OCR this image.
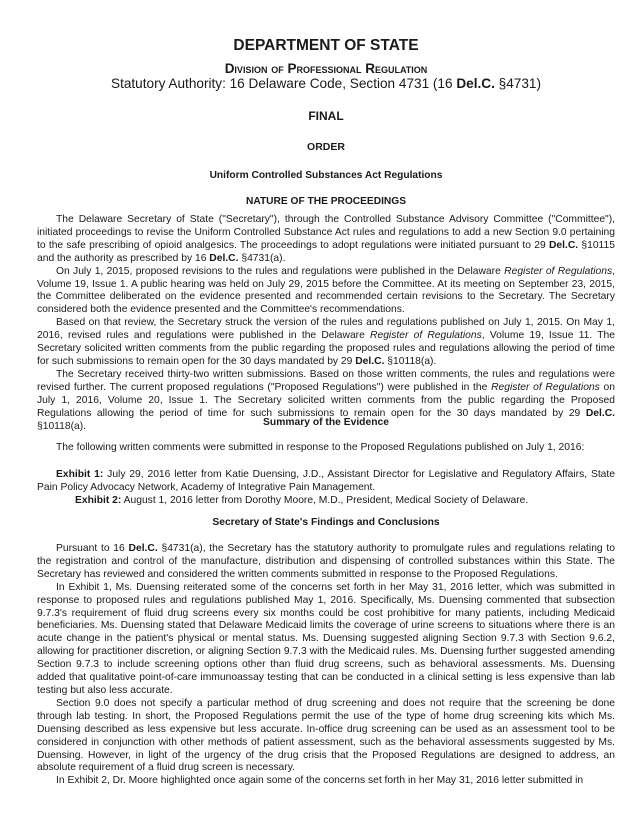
DEPARTMENT OF STATE
Division of Professional Regulation
Statutory Authority: 16 Delaware Code, Section 4731 (16 Del.C. §4731)
FINAL
ORDER
Uniform Controlled Substances Act Regulations
NATURE OF THE PROCEEDINGS

The Delaware Secretary of State ("Secretary"), through the Controlled Substance Advisory Committee ("Committee"), initiated proceedings to revise the Uniform Controlled Substance Act rules and regulations to add a new Section 9.0 pertaining to the safe prescribing of opioid analgesics. The proceedings to adopt regulations were initiated pursuant to 29 Del.C. §10115 and the authority as prescribed by 16 Del.C. §4731(a).

On July 1, 2015, proposed revisions to the rules and regulations were published in the Delaware Register of Regulations, Volume 19, Issue 1. A public hearing was held on July 29, 2015 before the Committee. At its meeting on September 23, 2015, the Committee deliberated on the evidence presented and recommended certain revisions to the Secretary. The Secretary considered both the evidence presented and the Committee's recommendations.

Based on that review, the Secretary struck the version of the rules and regulations published on July 1, 2015. On May 1, 2016, revised rules and regulations were published in the Delaware Register of Regulations, Volume 19, Issue 11. The Secretary solicited written comments from the public regarding the proposed rules and regulations allowing the period of time for such submissions to remain open for the 30 days mandated by 29 Del.C. §10118(a).

The Secretary received thirty-two written submissions. Based on those written comments, the rules and regulations were revised further. The current proposed regulations ("Proposed Regulations") were published in the Register of Regulations on July 1, 2016, Volume 20, Issue 1. The Secretary solicited written comments from the public regarding the Proposed Regulations allowing the period of time for such submissions to remain open for the 30 days mandated by 29 Del.C. §10118(a).	Summary of the Evidence

The following written comments were submitted in response to the Proposed Regulations published on July 1, 2016:

Exhibit 1: July 29, 2016 letter from Katie Duensing, J.D., Assistant Director for Legislative and Regulatory Affairs, State Pain Policy Advocacy Network, Academy of Integrative Pain Management.

Exhibit 2: August 1, 2016 letter from Dorothy Moore, M.D., President, Medical Society of Delaware.

Secretary of State's Findings and Conclusions

Pursuant to 16 Del.C. §4731(a), the Secretary has the statutory authority to promulgate rules and regulations relating to the registration and control of the manufacture, distribution and dispensing of controlled substances within this State. The Secretary has reviewed and considered the written comments submitted in response to the Proposed Regulations.

In Exhibit 1, Ms. Duensing reiterated some of the concerns set forth in her May 31, 2016 letter, which was submitted in response to proposed rules and regulations published May 1, 2016. Specifically, Ms. Duensing commented that subsection 9.7.3's requirement of fluid drug screens every six months could be cost prohibitive for many patients, including Medicaid beneficiaries. Ms. Duensing stated that Delaware Medicaid limits the coverage of urine screens to situations where there is an acute change in the patient's physical or mental status. Ms. Duensing suggested aligning Section 9.7.3 with Section 9.6.2, allowing for practitioner discretion, or aligning Section 9.7.3 with the Medicaid rules. Ms. Duensing further suggested amending Section 9.7.3 to include screening options other than fluid drug screens, such as behavioral assessments. Ms. Duensing added that qualitative point-of-care immunoassay testing that can be conducted in a clinical setting is less expensive than lab testing but also less accurate.

Section 9.0 does not specify a particular method of drug screening and does not require that the screening be done through lab testing. In short, the Proposed Regulations permit the use of the type of home drug screening kits which Ms. Duensing described as less expensive but less accurate. In-office drug screening can be used as an assessment tool to be considered in conjunction with other methods of patient assessment, such as the behavioral assessments suggested by Ms. Duensing. However, in light of the urgency of the drug crisis that the Proposed Regulations are designed to address, an absolute requirement of a fluid drug screen is necessary.

In Exhibit 2, Dr. Moore highlighted once again some of the concerns set forth in her May 31, 2016 letter submitted in
